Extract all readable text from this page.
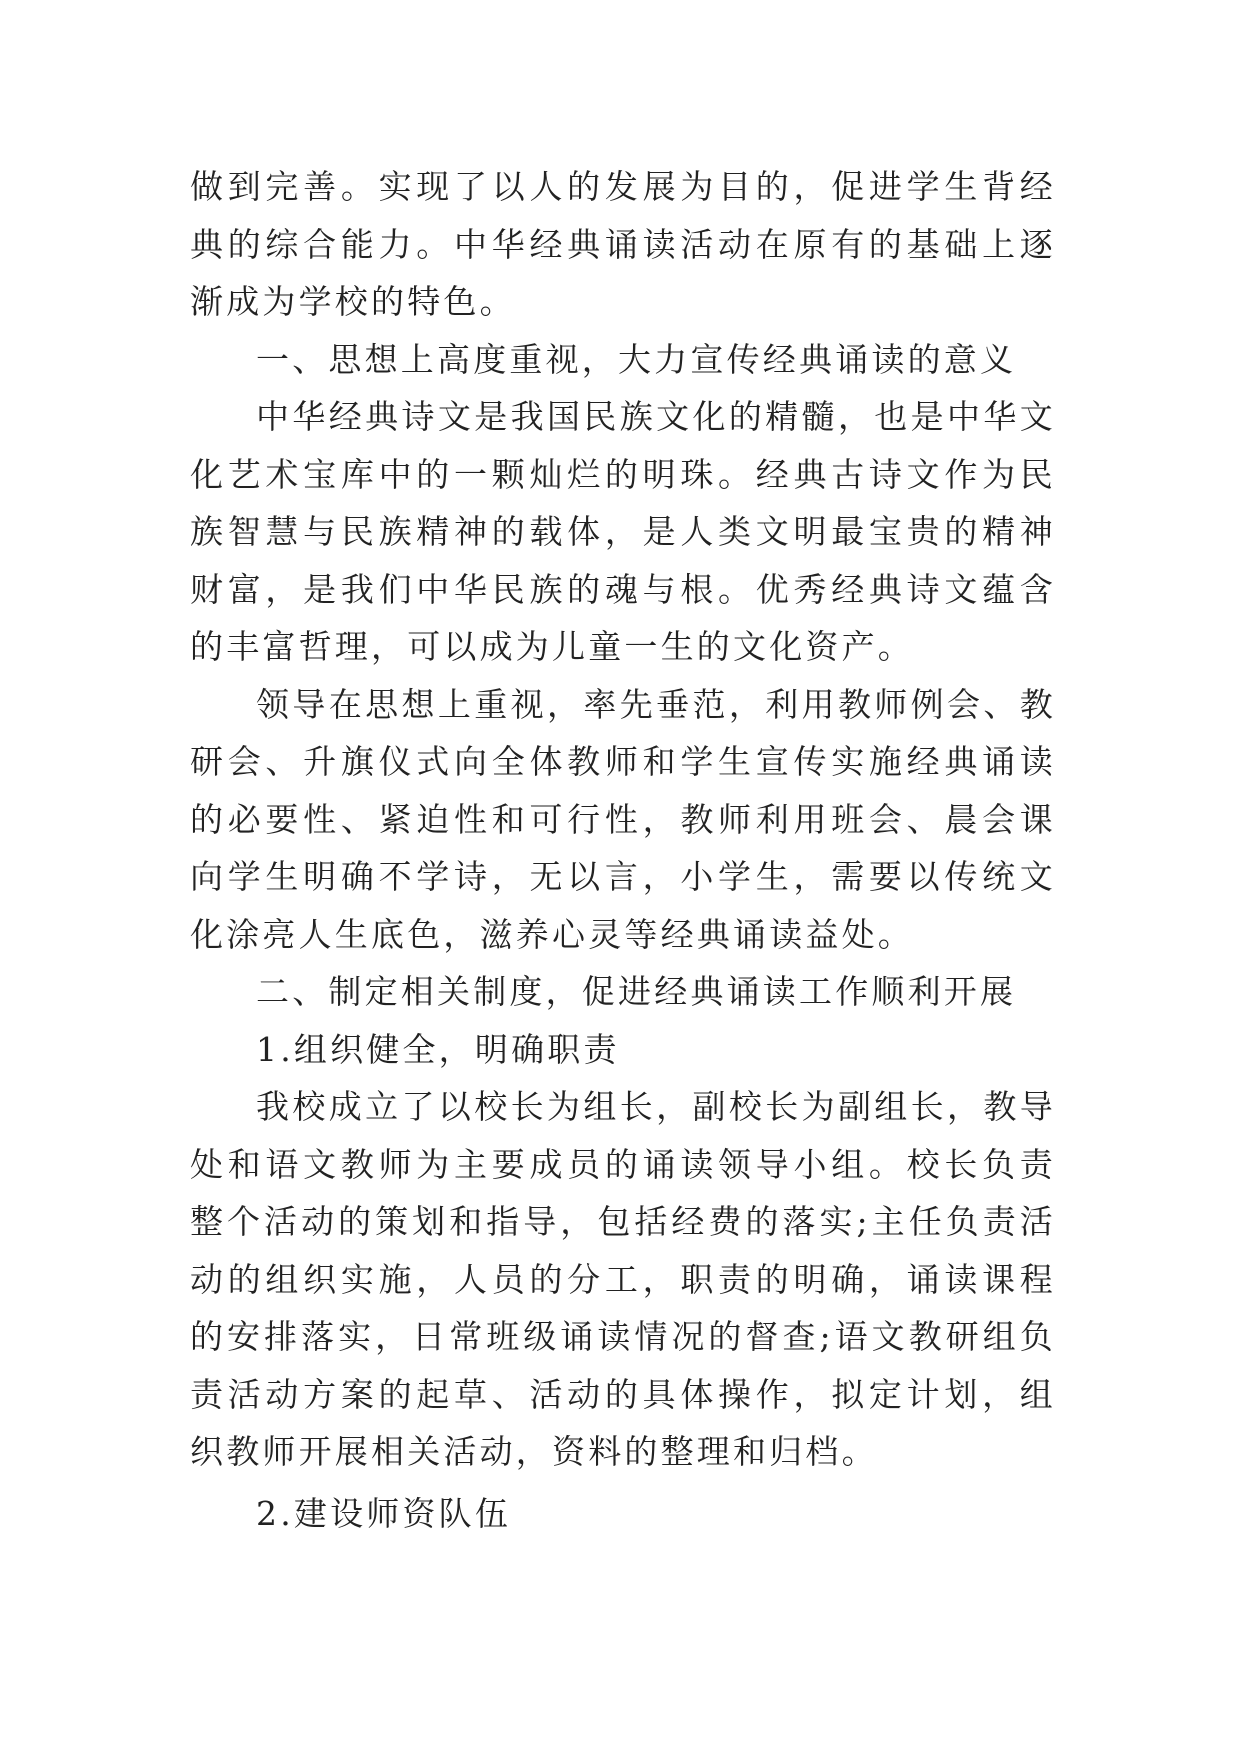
做到完善。实现了以人的发展为目的，促进学生背经典的综合能力。中华经典诵读活动在原有的基础上逐渐成为学校的特色。

一、思想上高度重视，大力宣传经典诵读的意义

中华经典诗文是我国民族文化的精髓，也是中华文化艺术宝库中的一颗灿烂的明珠。经典古诗文作为民族智慧与民族精神的载体，是人类文明最宝贵的精神财富，是我们中华民族的魂与根。优秀经典诗文蕴含的丰富哲理，可以成为儿童一生的文化资产。

领导在思想上重视，率先垂范，利用教师例会、教研会、升旗仪式向全体教师和学生宣传实施经典诵读的必要性、紧迫性和可行性，教师利用班会、晨会课向学生明确不学诗，无以言，小学生，需要以传统文化涂亮人生底色，滋养心灵等经典诵读益处。

二、制定相关制度，促进经典诵读工作顺利开展

1.组织健全，明确职责

我校成立了以校长为组长，副校长为副组长，教导处和语文教师为主要成员的诵读领导小组。校长负责整个活动的策划和指导，包括经费的落实;主任负责活动的组织实施，人员的分工，职责的明确，诵读课程的安排落实，日常班级诵读情况的督查;语文教研组负责活动方案的起草、活动的具体操作，拟定计划，组织教师开展相关活动，资料的整理和归档。

2.建设师资队伍
